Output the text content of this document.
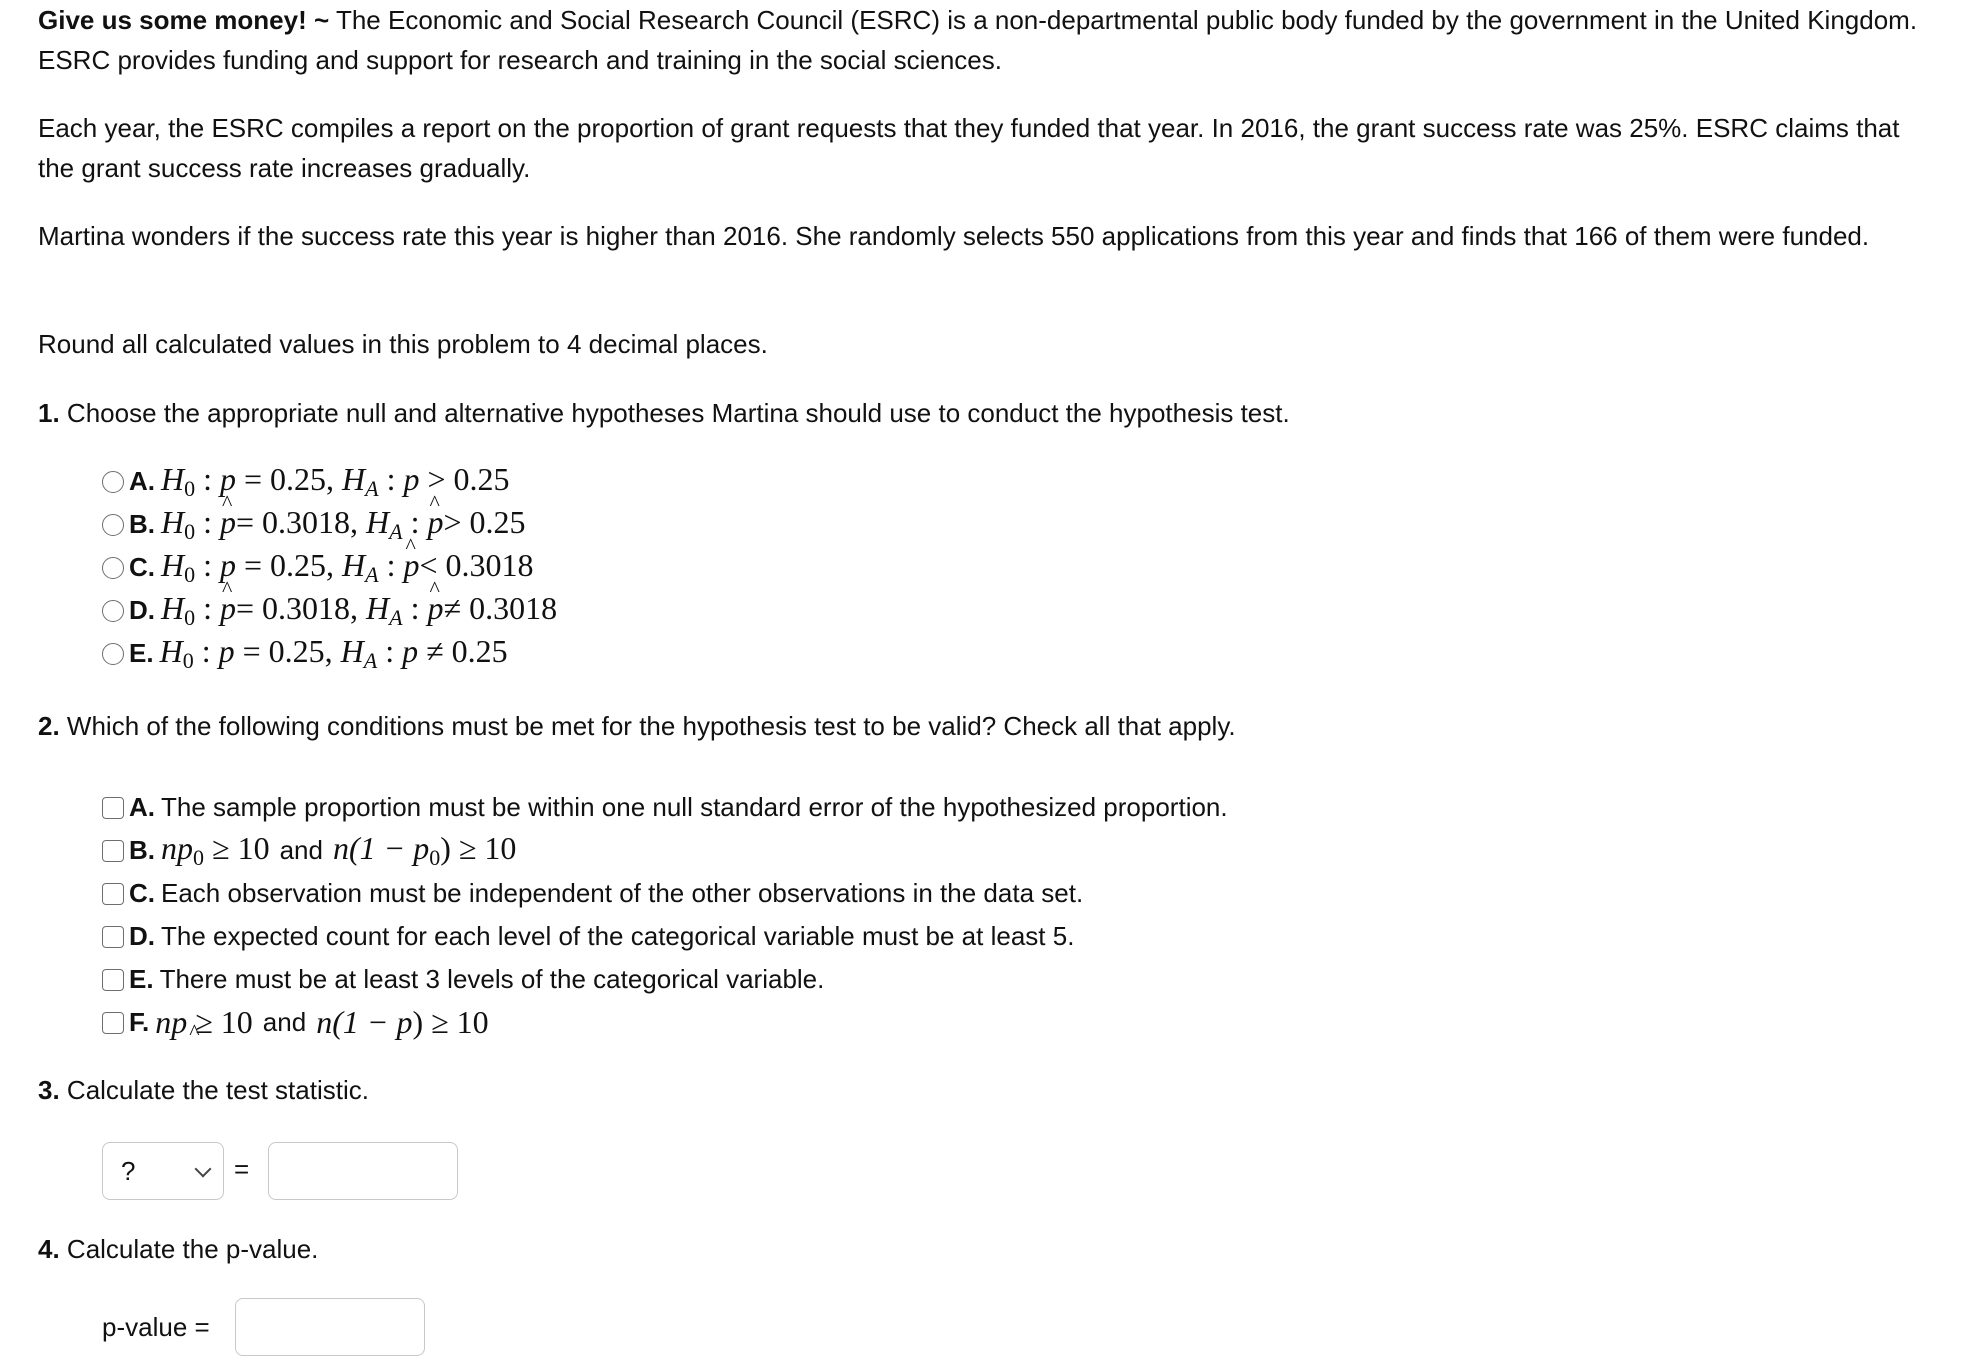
Give us some money! ~ The Economic and Social Research Council (ESRC) is a non-departmental public body funded by the government in the United Kingdom. ESRC provides funding and support for research and training in the social sciences.

Each year, the ESRC compiles a report on the proportion of grant requests that they funded that year. In 2016, the grant success rate was 25%. ESRC claims that the grant success rate increases gradually.

Martina wonders if the success rate this year is higher than 2016. She randomly selects 550 applications from this year and finds that 166 of them were funded.

Round all calculated values in this problem to 4 decimal places.

1. Choose the appropriate null and alternative hypotheses Martina should use to conduct the hypothesis test.

A. $H_0$ : p = 0.25, $H_A$ : p > 0.25
B. $H_0$ : p ^= 0.3018, $H_A$ : p ^> 0.25
C. $H_0$ : p = 0.25, $H_A$ : p ^< 0.3018
D. $H_0$ : p ^= 0.3018, $H_A$ : p ^≠ 0.3018
E. $H_0$ : p = 0.25, $H_A$ : p ≠ 0.25

2. Which of the following conditions must be met for the hypothesis test to be valid? Check all that apply.

A. The sample proportion must be within one null standard error of the hypothesized proportion.
B. $np_0 \ge 10$ and $n(1 - p_0) \ge 10$
C. Each observation must be independent of the other observations in the data set.
D. The expected count for each level of the categorical variable must be at least 5.
E. There must be at least 3 levels of the categorical variable.
F. np ≥ 10 and n(1 − p) ≥ 10

3. Calculate the test statistic.

?	=

4. Calculate the p-value.

p-value =
